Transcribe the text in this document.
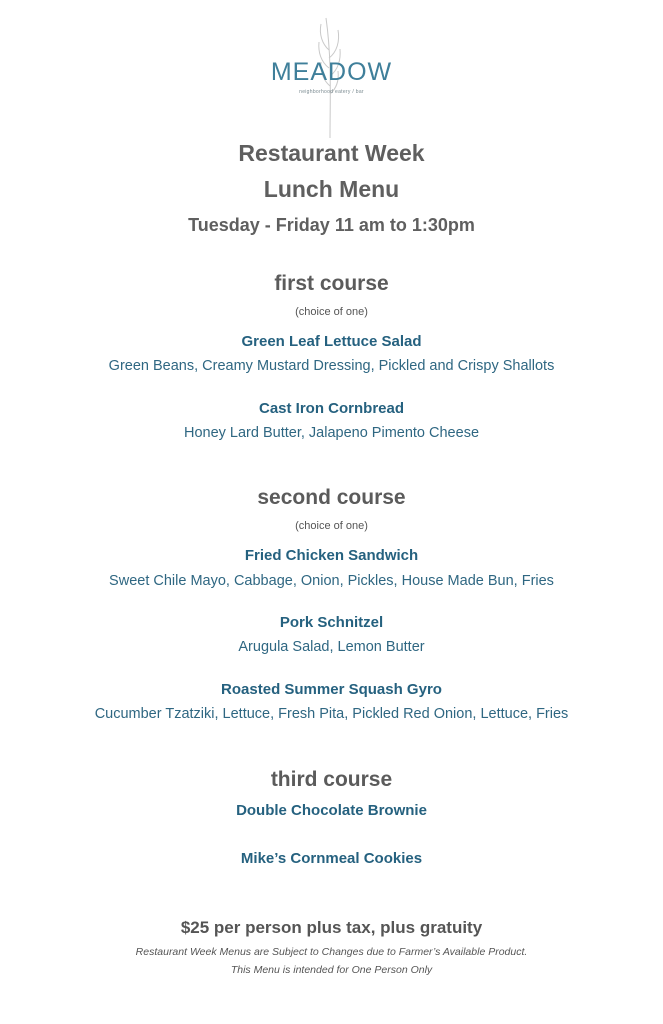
MEADOW
neighborhood eatery / bar
Restaurant Week
Lunch Menu
Tuesday - Friday 11 am to 1:30pm
first course
(choice of one)
Green Leaf Lettuce Salad
Green Beans, Creamy Mustard Dressing, Pickled and Crispy Shallots
Cast Iron Cornbread
Honey Lard Butter, Jalapeno Pimento Cheese
second course
(choice of one)
Fried Chicken Sandwich
Sweet Chile Mayo, Cabbage, Onion, Pickles, House Made Bun, Fries
Pork Schnitzel
Arugula Salad, Lemon Butter
Roasted Summer Squash Gyro
Cucumber Tzatziki, Lettuce, Fresh Pita, Pickled Red Onion, Lettuce, Fries
third course
Double Chocolate Brownie
Mike’s Cornmeal Cookies
$25 per person plus tax, plus gratuity
Restaurant Week Menus are Subject to Changes due to Farmer’s Available Product.
This Menu is intended for One Person Only
